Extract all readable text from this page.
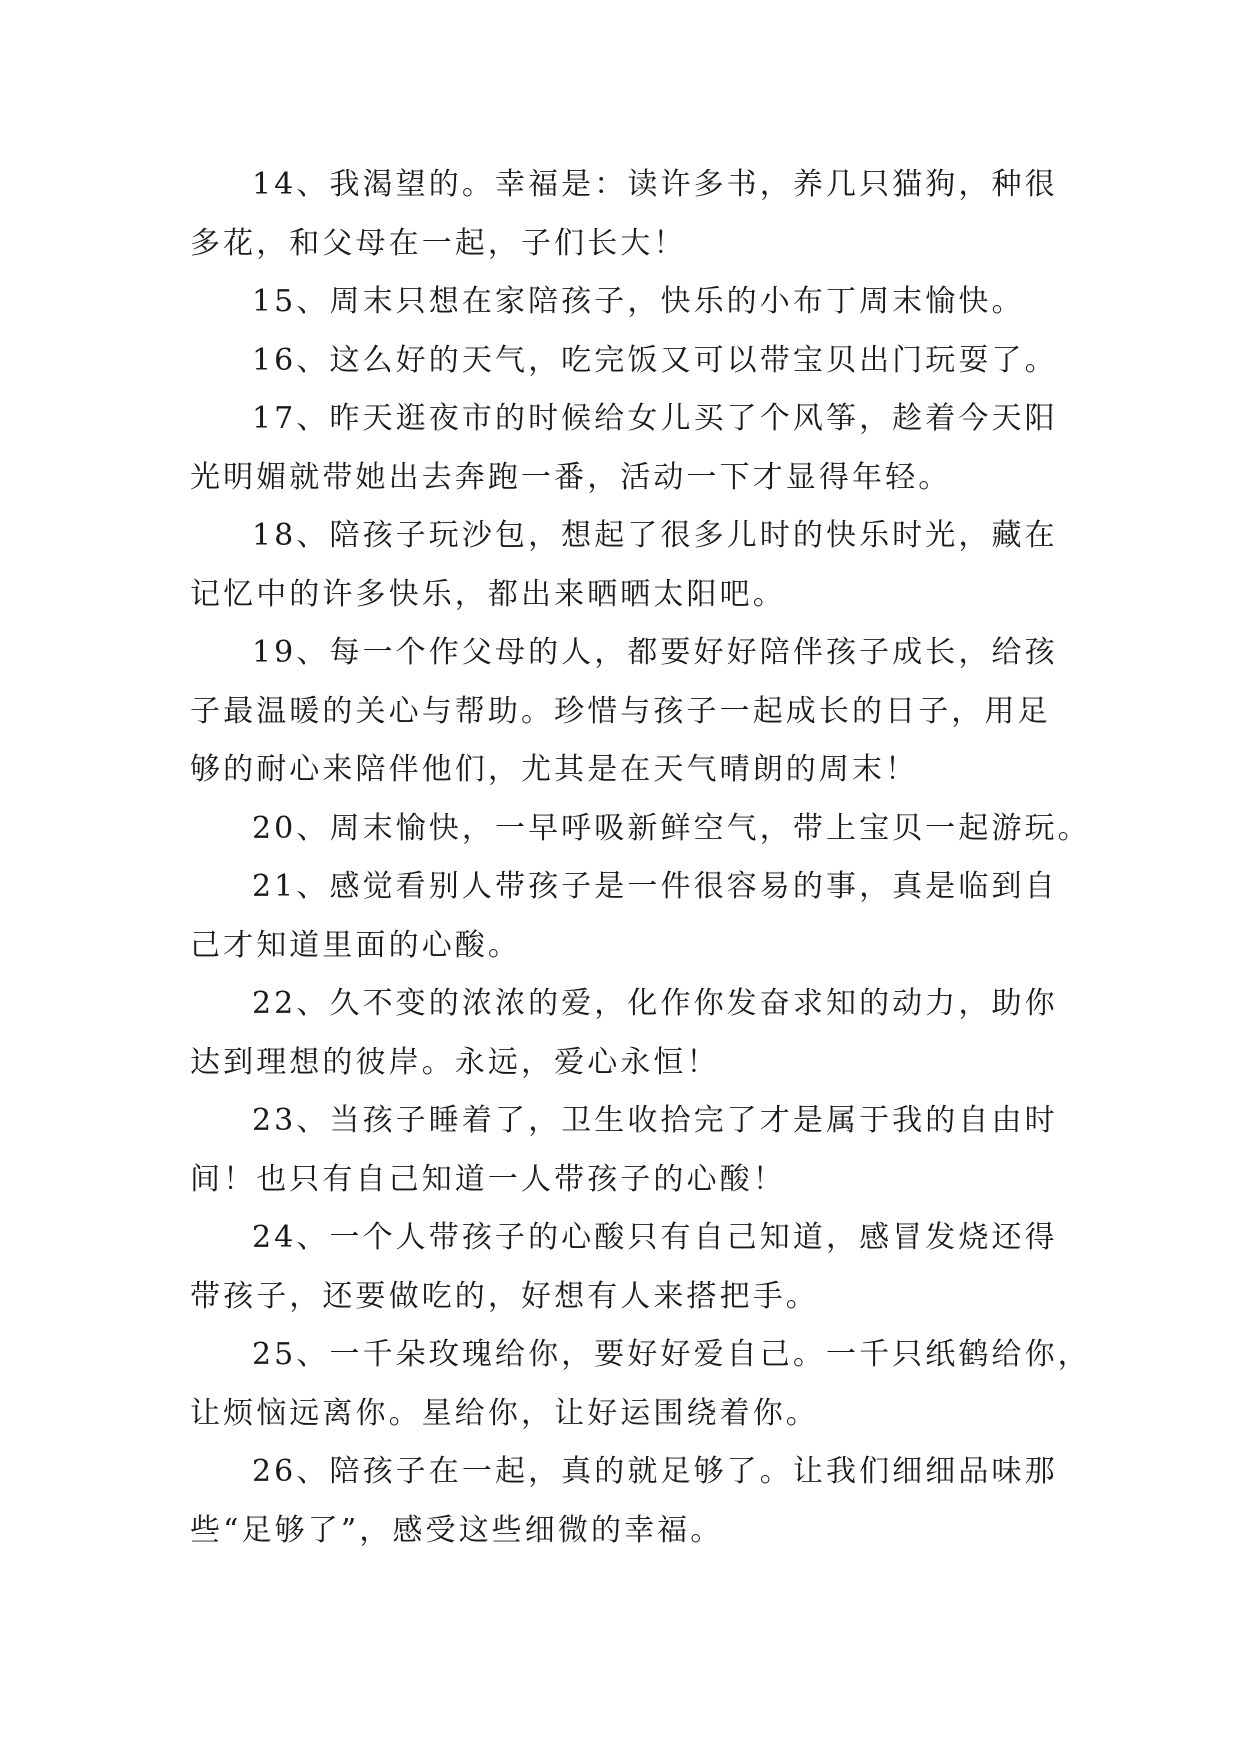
14、我渴望的。幸福是：读许多书，养几只猫狗，种很
多花，和父母在一起，子们长大！

15、周末只想在家陪孩子，快乐的小布丁周末愉快。

16、这么好的天气，吃完饭又可以带宝贝出门玩耍了。

17、昨天逛夜市的时候给女儿买了个风筝，趁着今天阳
光明媚就带她出去奔跑一番，活动一下才显得年轻。

18、陪孩子玩沙包，想起了很多儿时的快乐时光，藏在
记忆中的许多快乐，都出来晒晒太阳吧。

19、每一个作父母的人，都要好好陪伴孩子成长，给孩
子最温暖的关心与帮助。珍惜与孩子一起成长的日子，用足
够的耐心来陪伴他们，尤其是在天气晴朗的周末！

20、周末愉快，一早呼吸新鲜空气，带上宝贝一起游玩。

21、感觉看别人带孩子是一件很容易的事，真是临到自
己才知道里面的心酸。

22、久不变的浓浓的爱，化作你发奋求知的动力，助你
达到理想的彼岸。永远，爱心永恒！

23、当孩子睡着了，卫生收拾完了才是属于我的自由时
间！也只有自己知道一人带孩子的心酸！

24、一个人带孩子的心酸只有自己知道，感冒发烧还得
带孩子，还要做吃的，好想有人来搭把手。

25、一千朵玫瑰给你，要好好爱自己。一千只纸鹤给你，
让烦恼远离你。星给你，让好运围绕着你。

26、陪孩子在一起，真的就足够了。让我们细细品味那
些“足够了”，感受这些细微的幸福。
